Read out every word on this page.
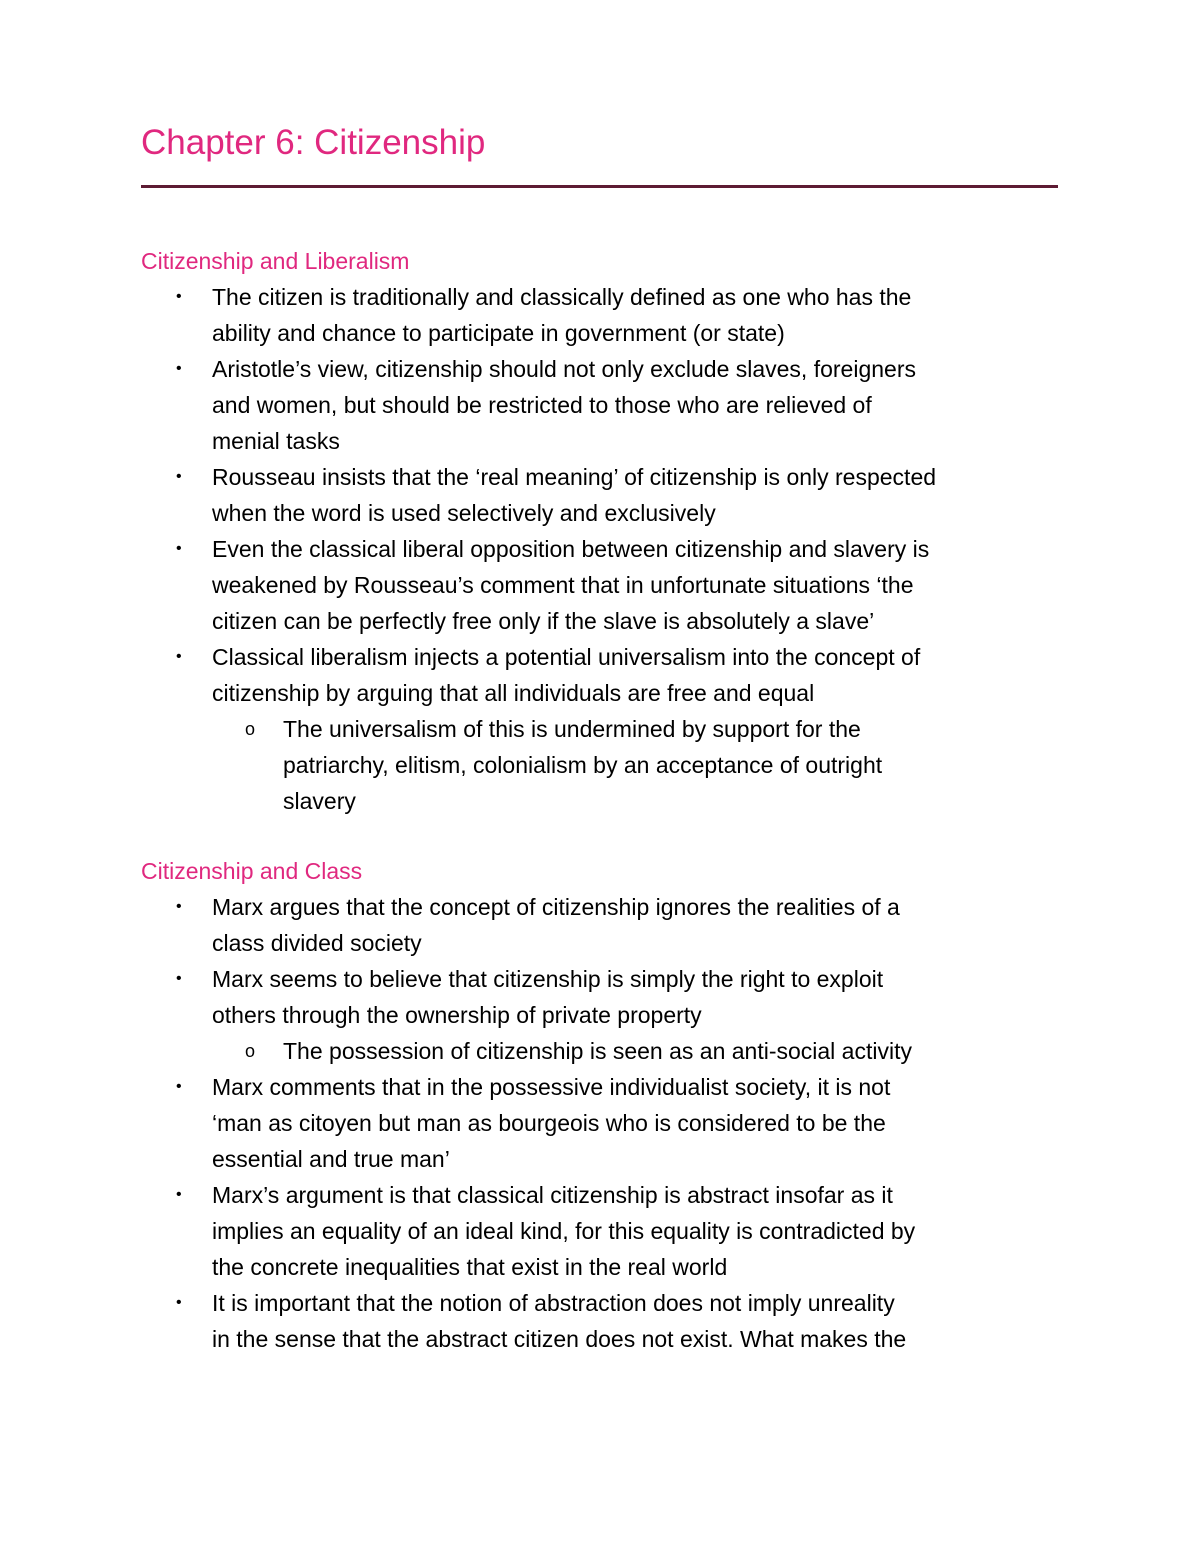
Chapter 6: Citizenship
Citizenship and Liberalism
• The citizen is traditionally and classically defined as one who has the
ability and chance to participate in government (or state)
• Aristotle’s view, citizenship should not only exclude slaves, foreigners
and women, but should be restricted to those who are relieved of
menial tasks
• Rousseau insists that the ‘real meaning’ of citizenship is only respected
when the word is used selectively and exclusively
• Even the classical liberal opposition between citizenship and slavery is
weakened by Rousseau’s comment that in unfortunate situations ‘the
citizen can be perfectly free only if the slave is absolutely a slave’
• Classical liberalism injects a potential universalism into the concept of
citizenship by arguing that all individuals are free and equal
o The universalism of this is undermined by support for the
patriarchy, elitism, colonialism by an acceptance of outright
slavery
Citizenship and Class
• Marx argues that the concept of citizenship ignores the realities of a
class divided society
• Marx seems to believe that citizenship is simply the right to exploit
others through the ownership of private property
o The possession of citizenship is seen as an anti-social activity
• Marx comments that in the possessive individualist society, it is not
‘man as citoyen but man as bourgeois who is considered to be the
essential and true man’
• Marx’s argument is that classical citizenship is abstract insofar as it
implies an equality of an ideal kind, for this equality is contradicted by
the concrete inequalities that exist in the real world
• It is important that the notion of abstraction does not imply unreality
in the sense that the abstract citizen does not exist. What makes the
